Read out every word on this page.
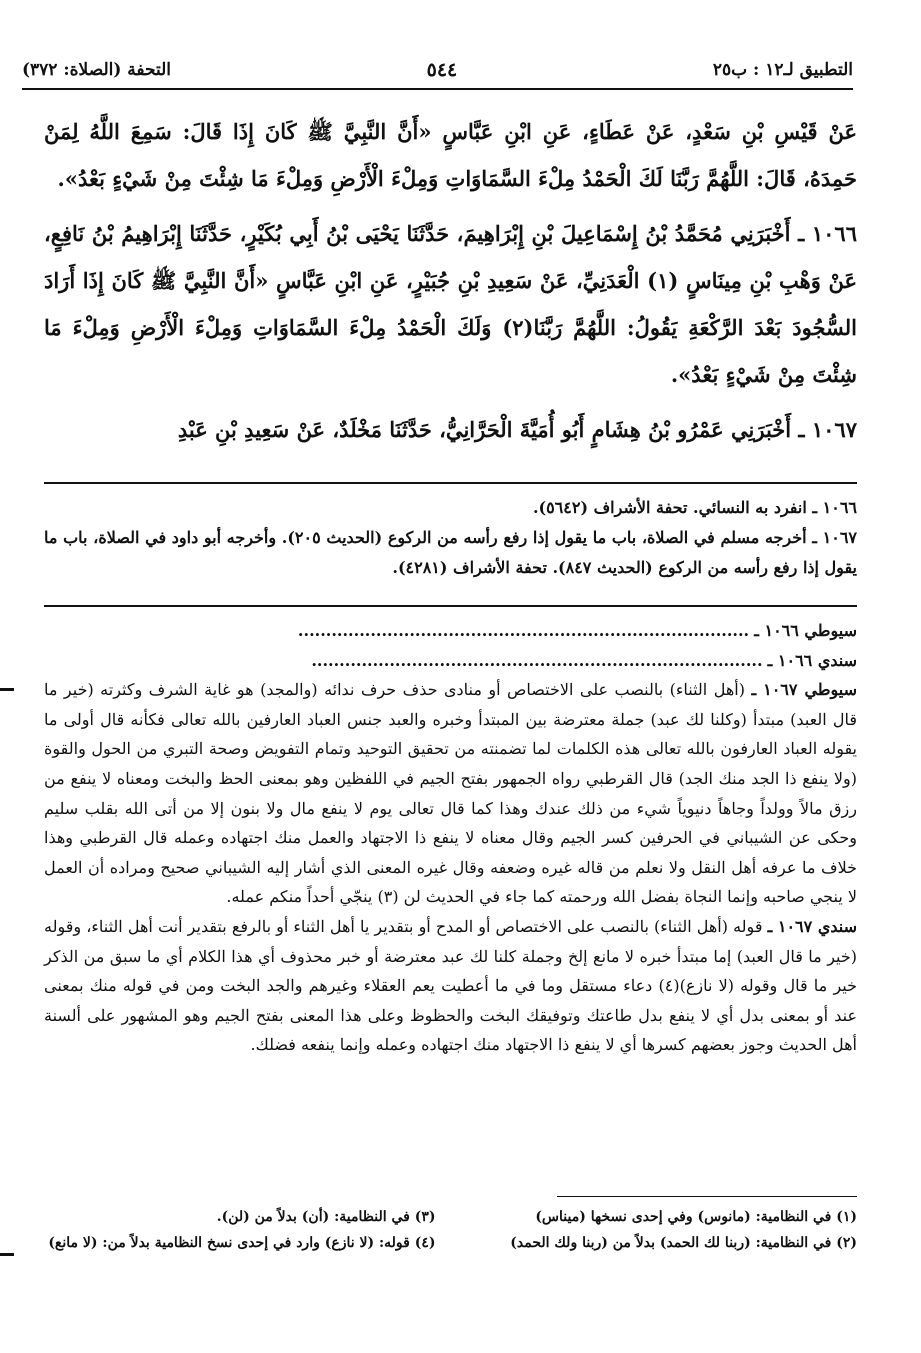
التطبيق لـ١٢ : ب٢٥
٥٤٤
التحفة (الصلاة: ٣٧٢)

عَنْ قَيْسِ بْنِ سَعْدٍ، عَنْ عَطَاءٍ، عَنِ ابْنِ عَبَّاسٍ «أَنَّ النَّبِيَّ ﷺ كَانَ إِذَا قَالَ: سَمِعَ اللَّهُ لِمَنْ حَمِدَهُ، قَالَ: اللَّهُمَّ رَبَّنَا لَكَ الْحَمْدُ مِلْءَ السَّمَاوَاتِ وَمِلْءَ الْأَرْضِ وَمِلْءَ مَا شِئْتَ مِنْ شَيْءٍ بَعْدُ».

١٠٦٦ ـ أَخْبَرَنِي مُحَمَّدُ بْنُ إِسْمَاعِيلَ بْنِ إِبْرَاهِيمَ، حَدَّثَنَا يَحْيَى بْنُ أَبِي بُكَيْرٍ، حَدَّثَنَا إِبْرَاهِيمُ بْنُ نَافِعٍ، عَنْ وَهْبِ بْنِ مِينَاسٍ (١) الْعَدَنِيِّ، عَنْ سَعِيدِ بْنِ جُبَيْرٍ، عَنِ ابْنِ عَبَّاسٍ «أَنَّ النَّبِيَّ ﷺ كَانَ إِذَا أَرَادَ السُّجُودَ بَعْدَ الرَّكْعَةِ يَقُولُ: اللَّهُمَّ رَبَّنَا(٢) وَلَكَ الْحَمْدُ مِلْءَ السَّمَاوَاتِ وَمِلْءَ الْأَرْضِ وَمِلْءَ مَا شِئْتَ مِنْ شَيْءٍ بَعْدُ».

١٠٦٧ ـ أَخْبَرَنِي عَمْرُو بْنُ هِشَامٍ أَبُو أُمَيَّةَ الْحَرَّانِيُّ، حَدَّثَنَا مَخْلَدٌ، عَنْ سَعِيدِ بْنِ عَبْدِ

١٠٦٦ ـ انفرد به النسائي. تحفة الأشراف (٥٦٤٢).

١٠٦٧ ـ أخرجه مسلم في الصلاة، باب ما يقول إذا رفع رأسه من الركوع (الحديث ٢٠٥). وأخرجه أبو داود في الصلاة، باب ما يقول إذا رفع رأسه من الركوع (الحديث ٨٤٧). تحفة الأشراف (٤٢٨١).

سيوطي ١٠٦٦ ـ .................................................................................

سندي ١٠٦٦ ـ .................................................................................

سيوطي ١٠٦٧ ـ (أهل الثناء) بالنصب على الاختصاص أو منادى حذف حرف ندائه (والمجد) هو غاية الشرف وكثرته (خير ما قال العبد) مبتدأ (وكلنا لك عبد) جملة معترضة بين المبتدأ وخبره والعبد جنس العباد العارفين بالله تعالى فكأنه قال أولى ما يقوله العباد العارفون بالله تعالى هذه الكلمات لما تضمنته من تحقيق التوحيد وتمام التفويض وصحة التبري من الحول والقوة (ولا ينفع ذا الجد منك الجد) قال القرطبي رواه الجمهور بفتح الجيم في اللفظين وهو بمعنى الحظ والبخت ومعناه لا ينفع من رزق مالاً وولداً وجاهاً دنيوياً شيء من ذلك عندك وهذا كما قال تعالى يوم لا ينفع مال ولا بنون إلا من أتى الله بقلب سليم وحكى عن الشيباني في الحرفين كسر الجيم وقال معناه لا ينفع ذا الاجتهاد والعمل منك اجتهاده وعمله قال القرطبي وهذا خلاف ما عرفه أهل النقل ولا نعلم من قاله غيره وضعفه وقال غيره المعنى الذي أشار إليه الشيباني صحيح ومراده أن العمل لا ينجي صاحبه وإنما النجاة بفضل الله ورحمته كما جاء في الحديث لن (٣) ينجّي أحداً منكم عمله.

سندي ١٠٦٧ ـ قوله (أهل الثناء) بالنصب على الاختصاص أو المدح أو بتقدير يا أهل الثناء أو بالرفع بتقدير أنت أهل الثناء، وقوله (خير ما قال العبد) إما مبتدأ خبره لا مانع إلخ وجملة كلنا لك عبد معترضة أو خبر محذوف أي هذا الكلام أي ما سبق من الذكر خير ما قال وقوله (لا نازع)(٤) دعاء مستقل وما في ما أعطيت يعم العقلاء وغيرهم والجد البخت ومن في قوله منك بمعنى عند أو بمعنى بدل أي لا ينفع بدل طاعتك وتوفيقك البخت والحظوظ وعلى هذا المعنى بفتح الجيم وهو المشهور على ألسنة أهل الحديث وجوز بعضهم كسرها أي لا ينفع ذا الاجتهاد منك اجتهاده وعمله وإنما ينفعه فضلك.

(١) في النظامية: (مانوس) وفي إحدى نسخها (ميناس)
(٣) في النظامية: (أن) بدلاً من (لن).
(٢) في النظامية: (ربنا لك الحمد) بدلاً من (ربنا ولك الحمد)
(٤) قوله: (لا نازع) وارد في إحدى نسخ النظامية بدلاً من: (لا مانع)
